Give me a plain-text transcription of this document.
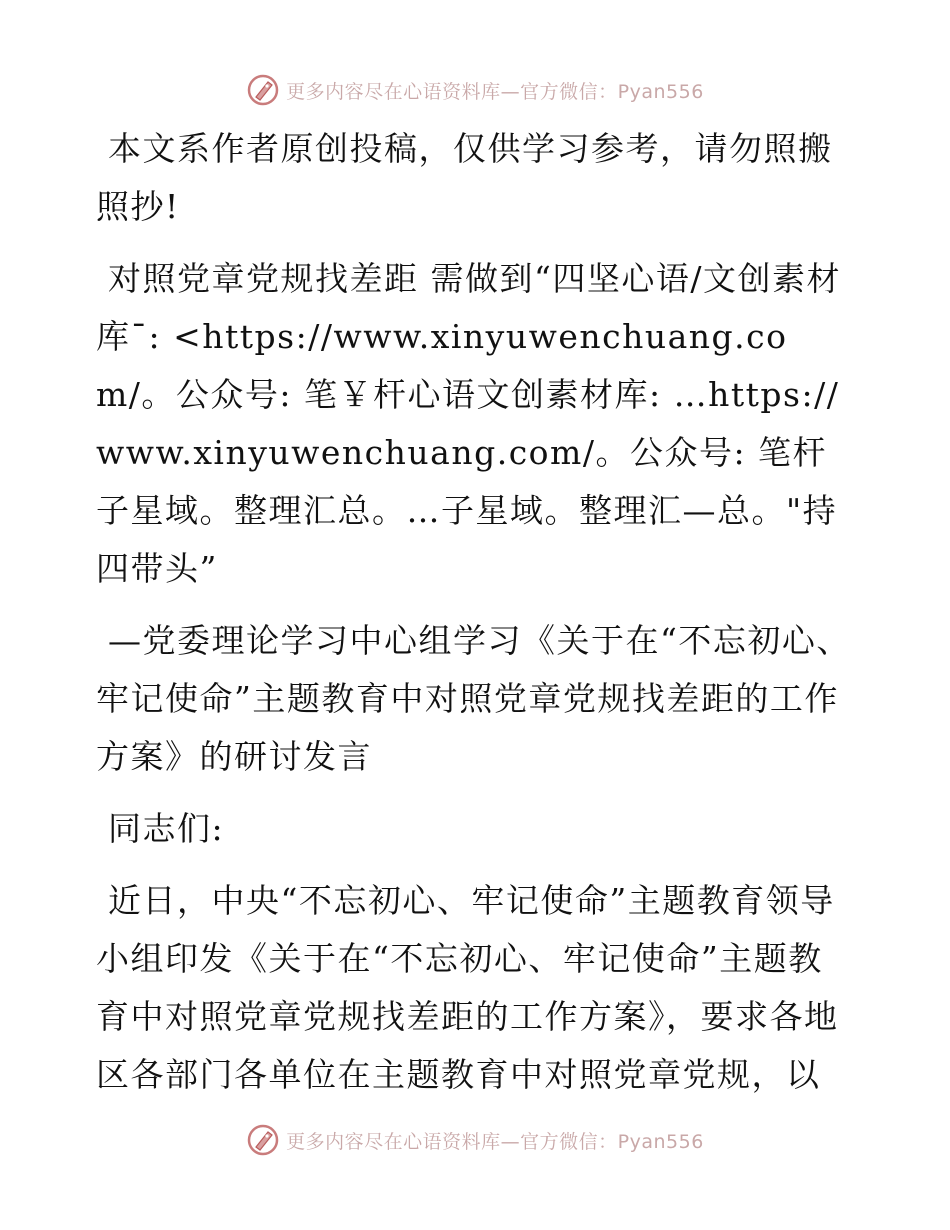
更多内容尽在心语资料库—官方微信：Pyan556

本文系作者原创投稿，仅供学习参考，请勿照搬照抄!

对照党章党规找差距 需做到“四坚心语/文创素材库¯: <https://www.xinyuwenchuang.com/。公众号: 笔￥杆心语文创素材库: …https://www.xinyuwenchuang.com/。公众号: 笔杆子星域。整理汇总。…子星域。整理汇—总。"持四带头”

—党委理论学习中心组学习《关于在“不忘初心、牢记使命”主题教育中对照党章党规找差距的工作方案》的研讨发言

同志们:

近日，中央“不忘初心、牢记使命”主题教育领导小组印发《关于在“不忘初心、牢记使命”主题教育中对照党章党规找差距的工作方案》，要求各地区各部门各单位在主题教育中对照党章党规，以

更多内容尽在心语资料库—官方微信：Pyan556
